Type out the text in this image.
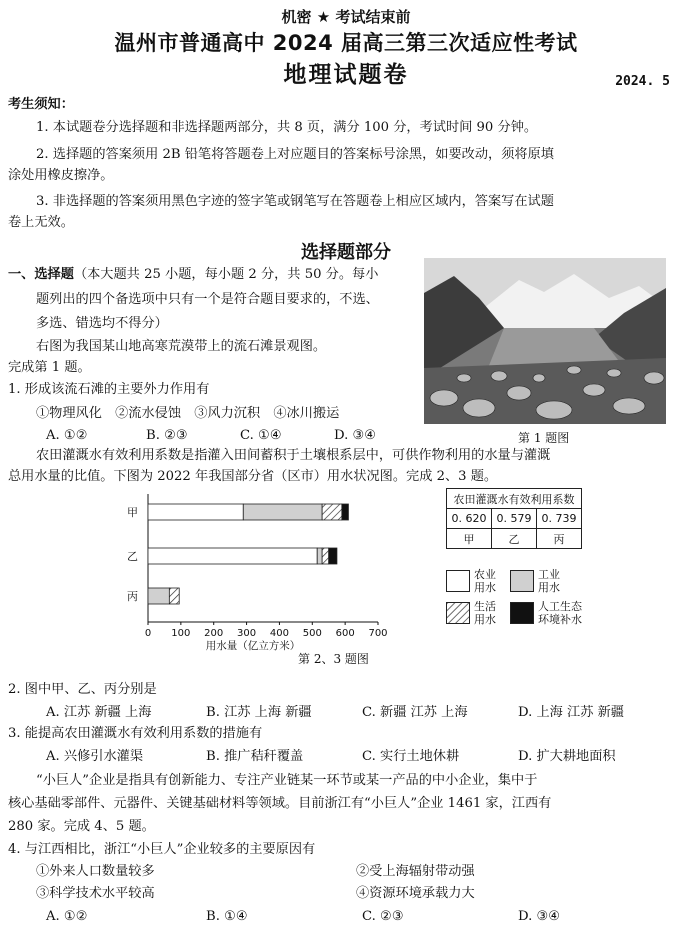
机密 ★ 考试结束前
温州市普通高中 2024 届高三第三次适应性考试
地理试题卷	2024. 5
考生须知：
1. 本试题卷分选择题和非选择题两部分，共 8 页，满分 100 分，考试时间 90 分钟。
2. 选择题的答案须用 2B 铅笔将答题卷上对应题目的答案标号涂黑，如要改动，须将原填
涂处用橡皮擦净。
3. 非选择题的答案须用黑色字迹的签字笔或钢笔写在答题卷上相应区域内，答案写在试题
卷上无效。
选择题部分
一、选择题（本大题共 25 小题，每小题 2 分，共 50 分。每小
题列出的四个备选项中只有一个是符合题目要求的，不选、
多选、错选均不得分）
右图为我国某山地高寒荒漠带上的流石滩景观图。
完成第 1 题。
第 1 题图
1. 形成该流石滩的主要外力作用有
①物理风化　②流水侵蚀　③风力沉积　④冰川搬运
A. ①②	B. ②③	C. ①④	D. ③④
农田灌溉水有效利用系数是指灌入田间蓄积于土壤根系层中，可供作物利用的水量与灌溉
总用水量的比值。下图为 2022 年我国部分省（区市）用水状况图。完成 2、3 题。
0 100 200 300 400 500 600 700
用水量（亿立方米）
甲
乙
丙
第 2、3 题图
农田灌溉水有效利用系数		
0. 620	0. 579	0. 739
甲	乙	丙
农业
用水
工业
用水
生活
用水
人工生态
环境补水
2. 图中甲、乙、丙分别是
A. 江苏 新疆 上海	B. 江苏 上海 新疆	C. 新疆 江苏 上海	D. 上海 江苏 新疆
3. 能提高农田灌溉水有效利用系数的措施有
A. 兴修引水灌渠	B. 推广秸秆覆盖	C. 实行土地休耕	D. 扩大耕地面积
“小巨人”企业是指具有创新能力、专注产业链某一环节或某一产品的中小企业，集中于
核心基础零部件、元器件、关键基础材料等领域。目前浙江有“小巨人”企业 1461 家，江西有
280 家。完成 4、5 题。
4. 与江西相比，浙江“小巨人”企业较多的主要原因有
①外来人口数量较多	②受上海辐射带动强
③科学技术水平较高	④资源环境承载力大
A. ①②	B. ①④	C. ②③	D. ③④
